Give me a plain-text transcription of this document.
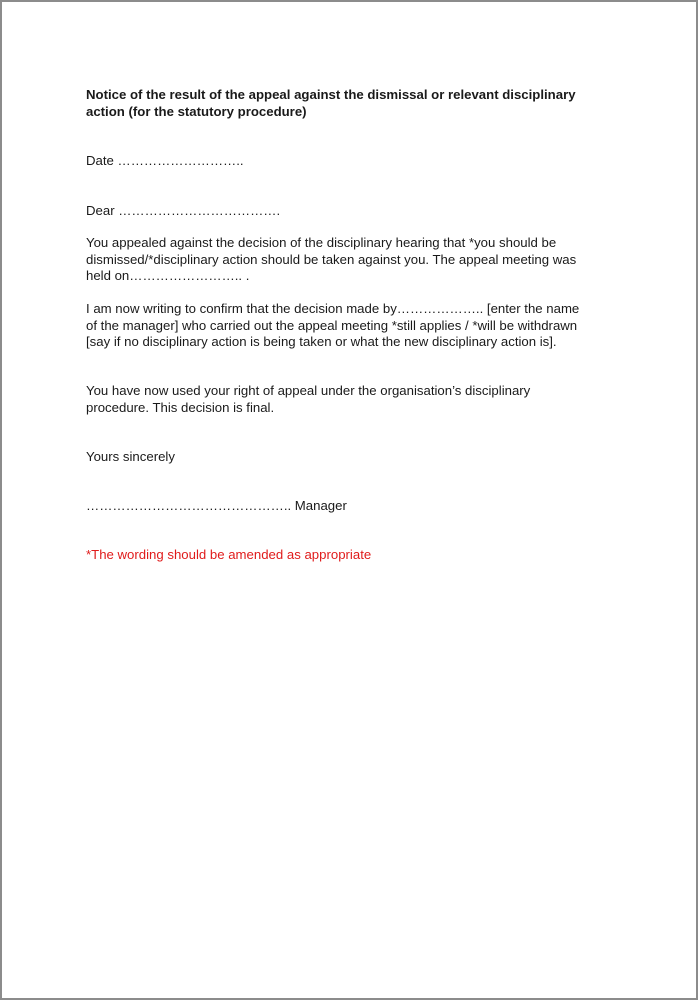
Notice of the result of the appeal against the dismissal or relevant disciplinary action (for the statutory procedure)

Date ………………………..

Dear ……………………………….

You appealed against the decision of the disciplinary hearing that *you should be dismissed/*disciplinary action should be taken against you. The appeal meeting was held on…………………….. .

I am now writing to confirm that the decision made by……………….. [enter the name of the manager] who carried out the appeal meeting *still applies / *will be withdrawn [say if no disciplinary action is being taken or what the new disciplinary action is].

You have now used your right of appeal under the organisation’s disciplinary procedure. This decision is final.

Yours sincerely

……………………………………….. Manager

*The wording should be amended as appropriate
